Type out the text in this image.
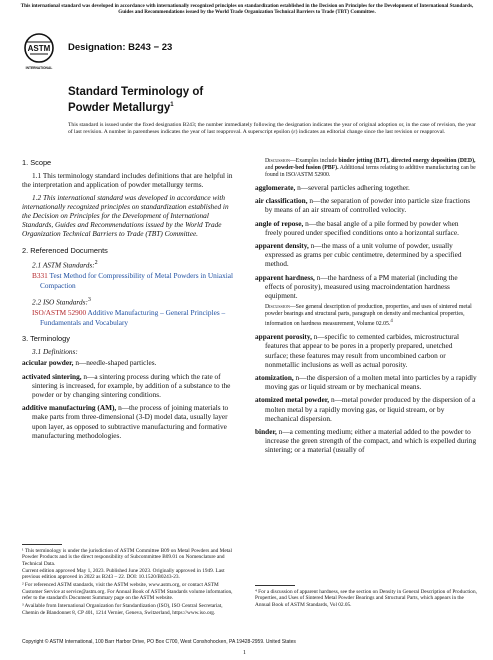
This international standard was developed in accordance with internationally recognized principles on standardization established in the Decision on Principles for the Development of International Standards, Guides and Recommendations issued by the World Trade Organization Technical Barriers to Trade (TBT) Committee.
ASTM
INTERNATIONAL
Designation: B243 − 23
Standard Terminology of
Powder Metallurgy$^1$
This standard is issued under the fixed designation B243; the number immediately following the designation indicates the year of original adoption or, in the case of revision, the year of last revision. A number in parentheses indicates the year of last reapproval. A superscript epsilon (ε) indicates an editorial change since the last revision or reapproval.
1. Scope
1.1 This terminology standard includes definitions that are helpful in the interpretation and application of powder metallurgy terms.
1.2 This international standard was developed in accordance with internationally recognized principles on standardization established in the Decision on Principles for the Development of International Standards, Guides and Recommendations issued by the World Trade Organization Technical Barriers to Trade (TBT) Committee.
2. Referenced Documents
2.1 ASTM Standards:$^2$
B331 Test Method for Compressibility of Metal Powders in Uniaxial Compaction
2.2 ISO Standards:$^3$
ISO/ASTM 52900 Additive Manufacturing – General Principles – Fundamentals and Vocabulary
3. Terminology
3.1 Definitions:
acicular powder, n—needle-shaped particles.
activated sintering, n—a sintering process during which the rate of sintering is increased, for example, by addition of a substance to the powder or by changing sintering conditions.
additive manufacturing (AM), n—the process of joining materials to make parts from three-dimensional (3-D) model data, usually layer upon layer, as opposed to subtractive manufacturing and formative manufacturing methodologies.
Discussion—Examples include binder jetting (BJT), directed energy deposition (DED), and powder-bed fusion (PBF). Additional terms relating to additive manufacturing can be found in ISO/ASTM 52900.
agglomerate, n—several particles adhering together.
air classification, n—the separation of powder into particle size fractions by means of an air stream of controlled velocity.
angle of repose, n—the basal angle of a pile formed by powder when freely poured under specified conditions onto a horizontal surface.
apparent density, n—the mass of a unit volume of powder, usually expressed as grams per cubic centimetre, determined by a specified method.
apparent hardness, n—the hardness of a PM material (including the effects of porosity), measured using macroindentation hardness equipment.
Discussion—See general description of production, properties, and uses of sintered metal powder bearings and structural parts, paragraph on density and mechanical properties, information on hardness measurement, Volume 02.05.$^4$
apparent porosity, n—specific to cemented carbides, microstructural features that appear to be pores in a properly prepared, unetched surface; these features may result from uncombined carbon or nonmetallic inclusions as well as actual porosity.
atomization, n—the dispersion of a molten metal into particles by a rapidly moving gas or liquid stream or by mechanical means.
atomized metal powder, n—metal powder produced by the dispersion of a molten metal by a rapidly moving gas, or liquid stream, or by mechanical dispersion.
binder, n—a cementing medium; either a material added to the powder to increase the green strength of the compact, and which is expelled during sintering; or a material (usually of
¹ This terminology is under the jurisdiction of ASTM Committee B09 on Metal Powders and Metal Powder Products and is the direct responsibility of Subcommittee B09.01 on Nomenclature and Technical Data.
Current edition approved May 1, 2023. Published June 2023. Originally approved in 1949. Last previous edition approved in 2022 as B243 – 22. DOI: 10.1520/B0243-23.
² For referenced ASTM standards, visit the ASTM website, www.astm.org, or contact ASTM Customer Service at service@astm.org. For Annual Book of ASTM Standards volume information, refer to the standard's Document Summary page on the ASTM website.
³ Available from International Organization for Standardization (ISO), ISO Central Secretariat, Chemin de Blandonnet 8, CP 401, 1214 Vernier, Geneva, Switzerland, https://www.iso.org.
⁴ For a discussion of apparent hardness, see the section on Density in General Description of Production, Properties, and Uses of Sintered Metal Powder Bearings and Structural Parts, which appears in the Annual Book of ASTM Standards, Vol 02.05.
Copyright © ASTM International, 100 Barr Harbor Drive, PO Box C700, West Conshohocken, PA 19428-2959. United States
1
